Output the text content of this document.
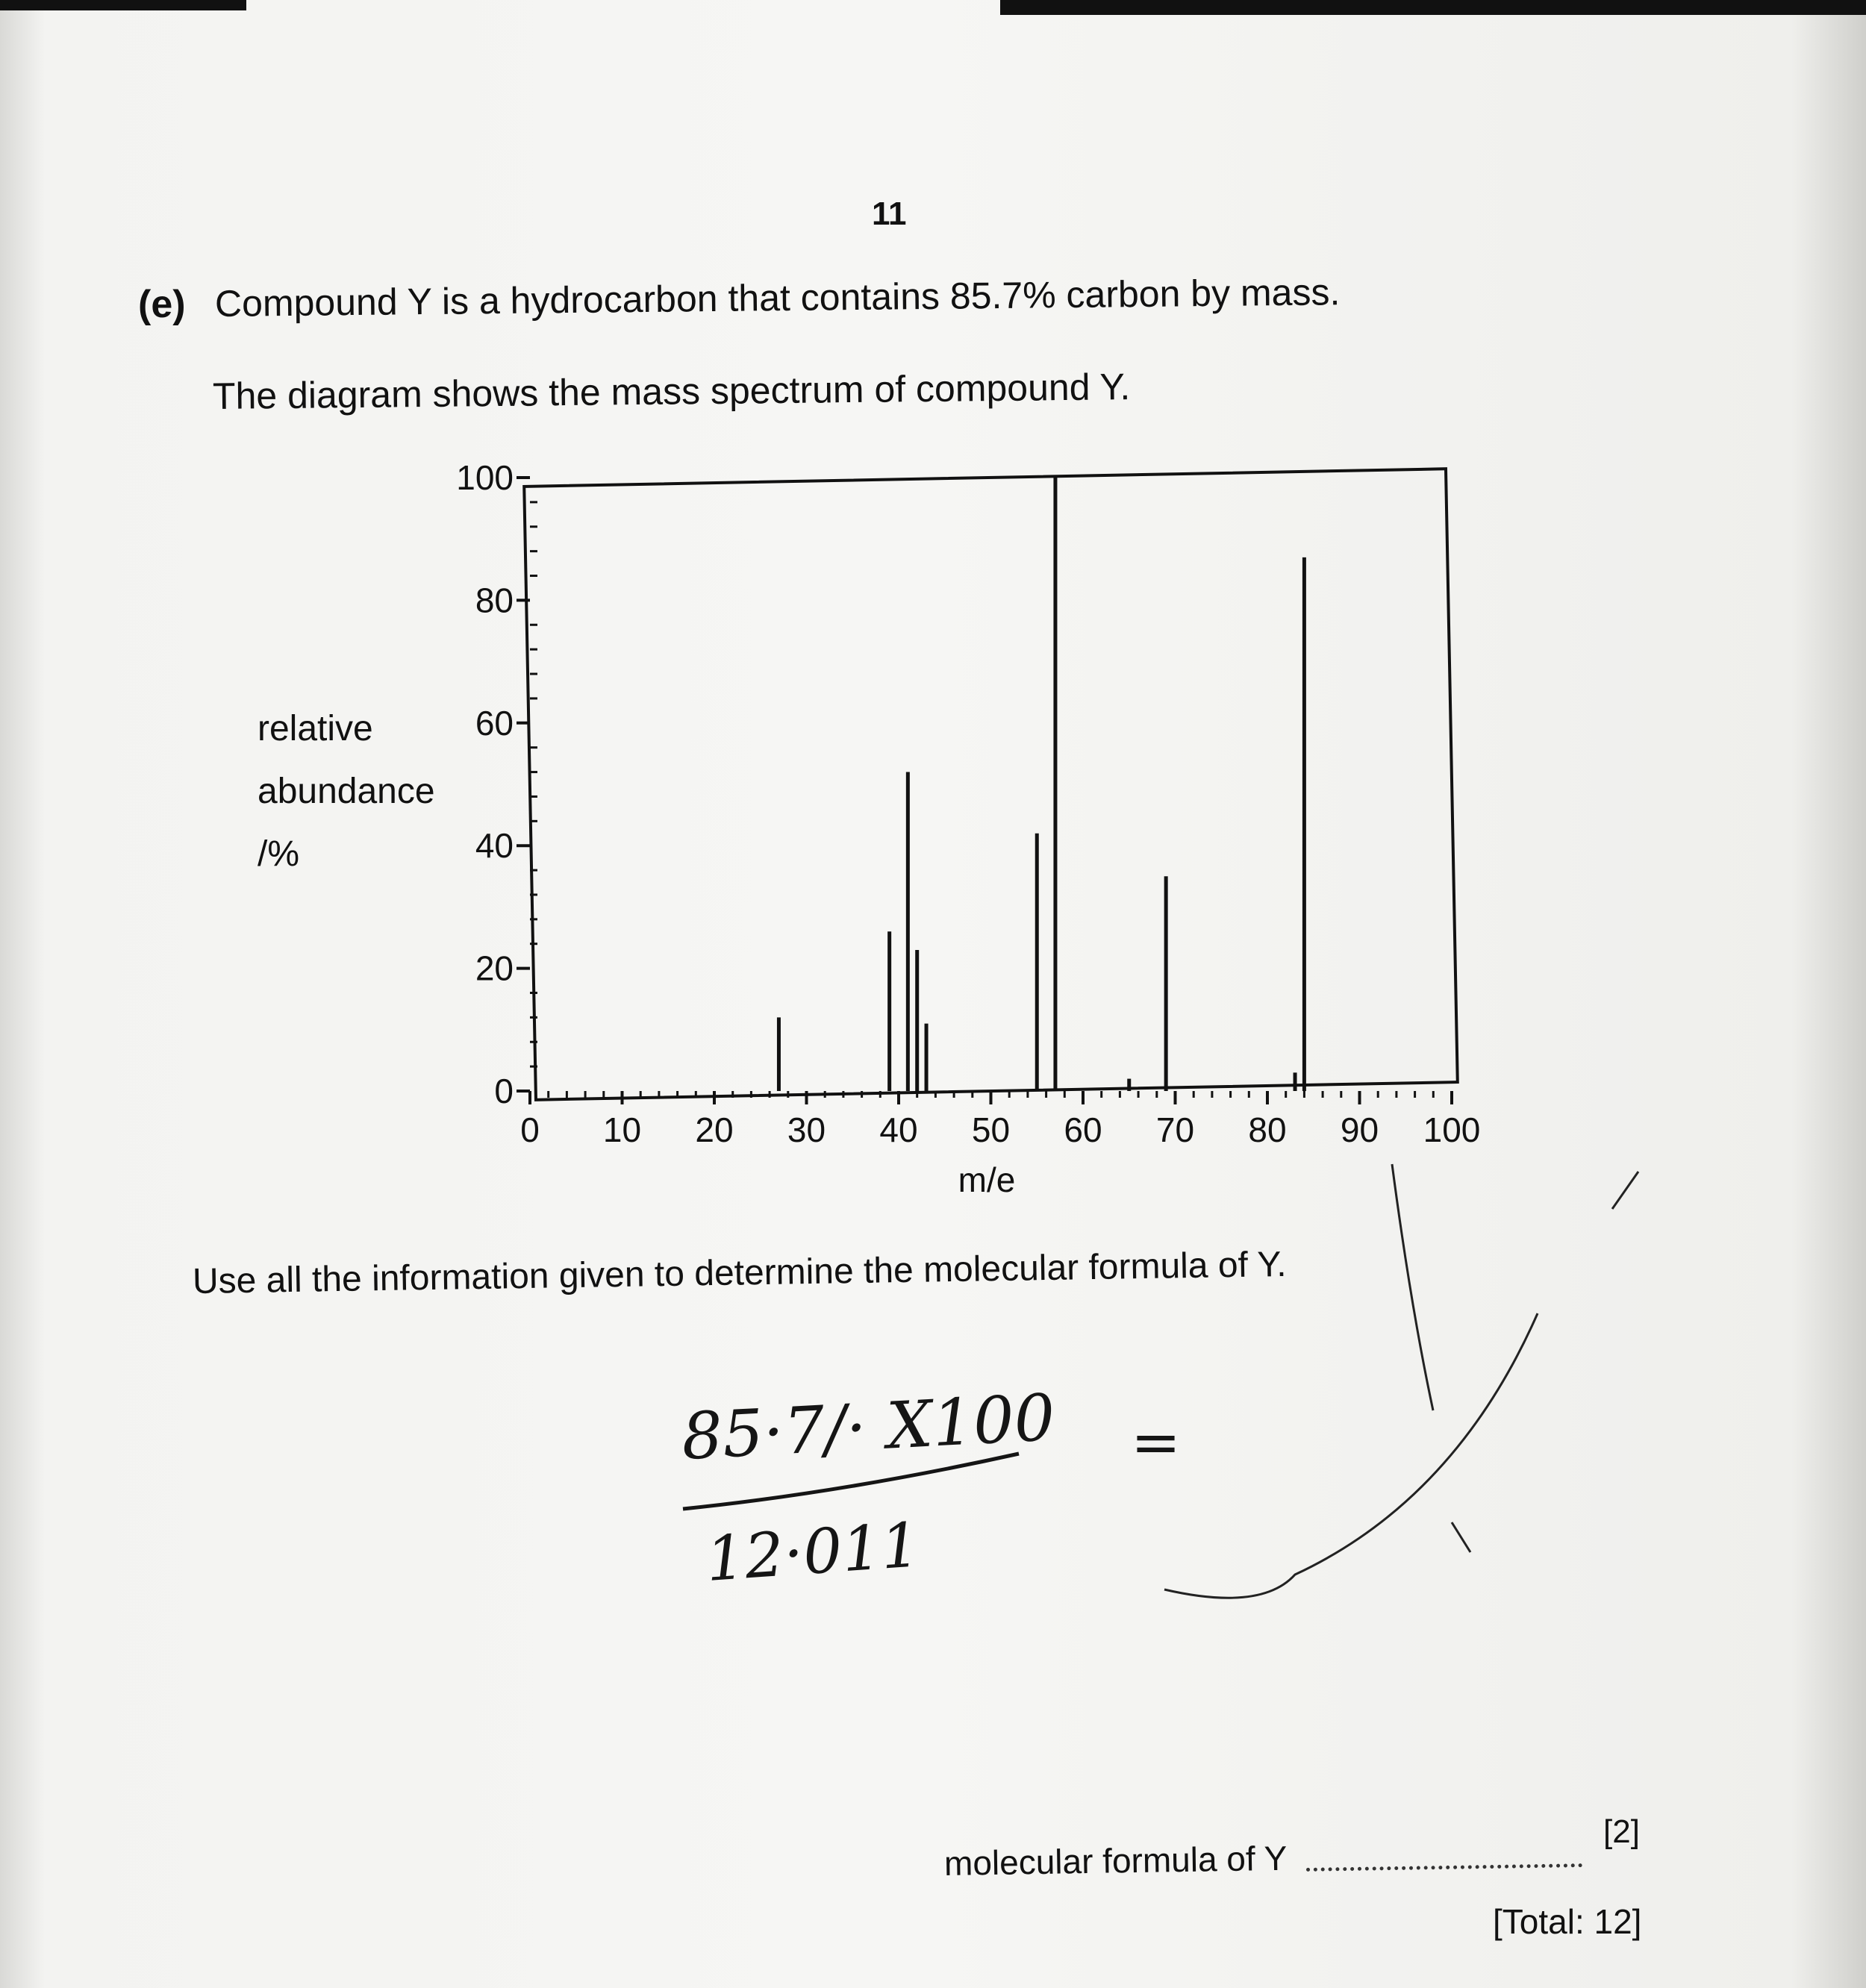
11
(e) Compound Y is a hydrocarbon that contains 85.7% carbon by mass.
The diagram shows the mass spectrum of compound Y.
relative
abundance
/%
0 10 20 30 40 50 60 70 80 90 100
0
20
40
60
80
100
m/e
Use all the information given to determine the molecular formula of Y.
85·7/· X100
12·011
=
molecular formula of Y
[2]
[Total: 12]
